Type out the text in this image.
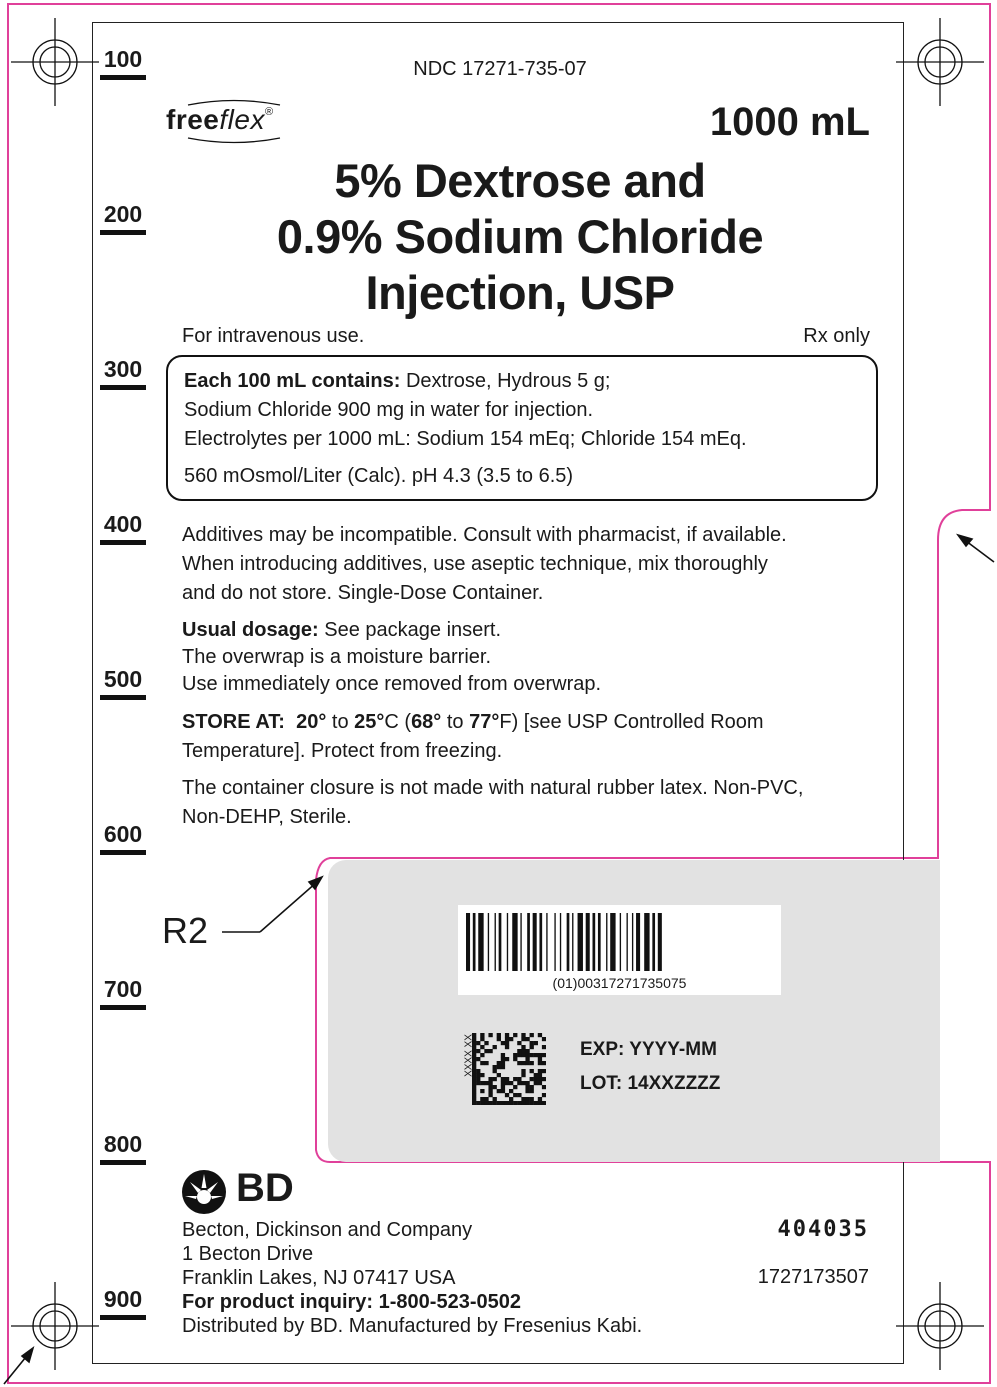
100
200
300
400
500
600
700
800
900
NDC 17271-735-07
freeflex®	1000 mL
5% Dextrose and
0.9% Sodium Chloride
Injection, USP
For intravenous use.	Rx only
Each 100 mL contains: Dextrose, Hydrous 5 g;
Sodium Chloride 900 mg in water for injection.
Electrolytes per 1000 mL: Sodium 154 mEq; Chloride 154 mEq.
560 mOsmol/Liter (Calc). pH 4.3 (3.5 to 6.5)
Additives may be incompatible. Consult with pharmacist, if available.
When introducing additives, use aseptic technique, mix thoroughly
and do not store. Single-Dose Container.
Usual dosage: See package insert.
The overwrap is a moisture barrier.
Use immediately once removed from overwrap.
STORE AT: 20° to 25°C (68° to 77°F) [see USP Controlled Room
Temperature]. Protect from freezing.
The container closure is not made with natural rubber latex. Non-PVC,
Non-DEHP, Sterile.
(01)00317271735075
XXXX XX	EXP: YYYY-MM
LOT: 14XXZZZZ
R2
BD
Becton, Dickinson and Company
1 Becton Drive
Franklin Lakes, NJ 07417 USA
For product inquiry: 1-800-523-0502
Distributed by BD. Manufactured by Fresenius Kabi.
404035
1727173507
